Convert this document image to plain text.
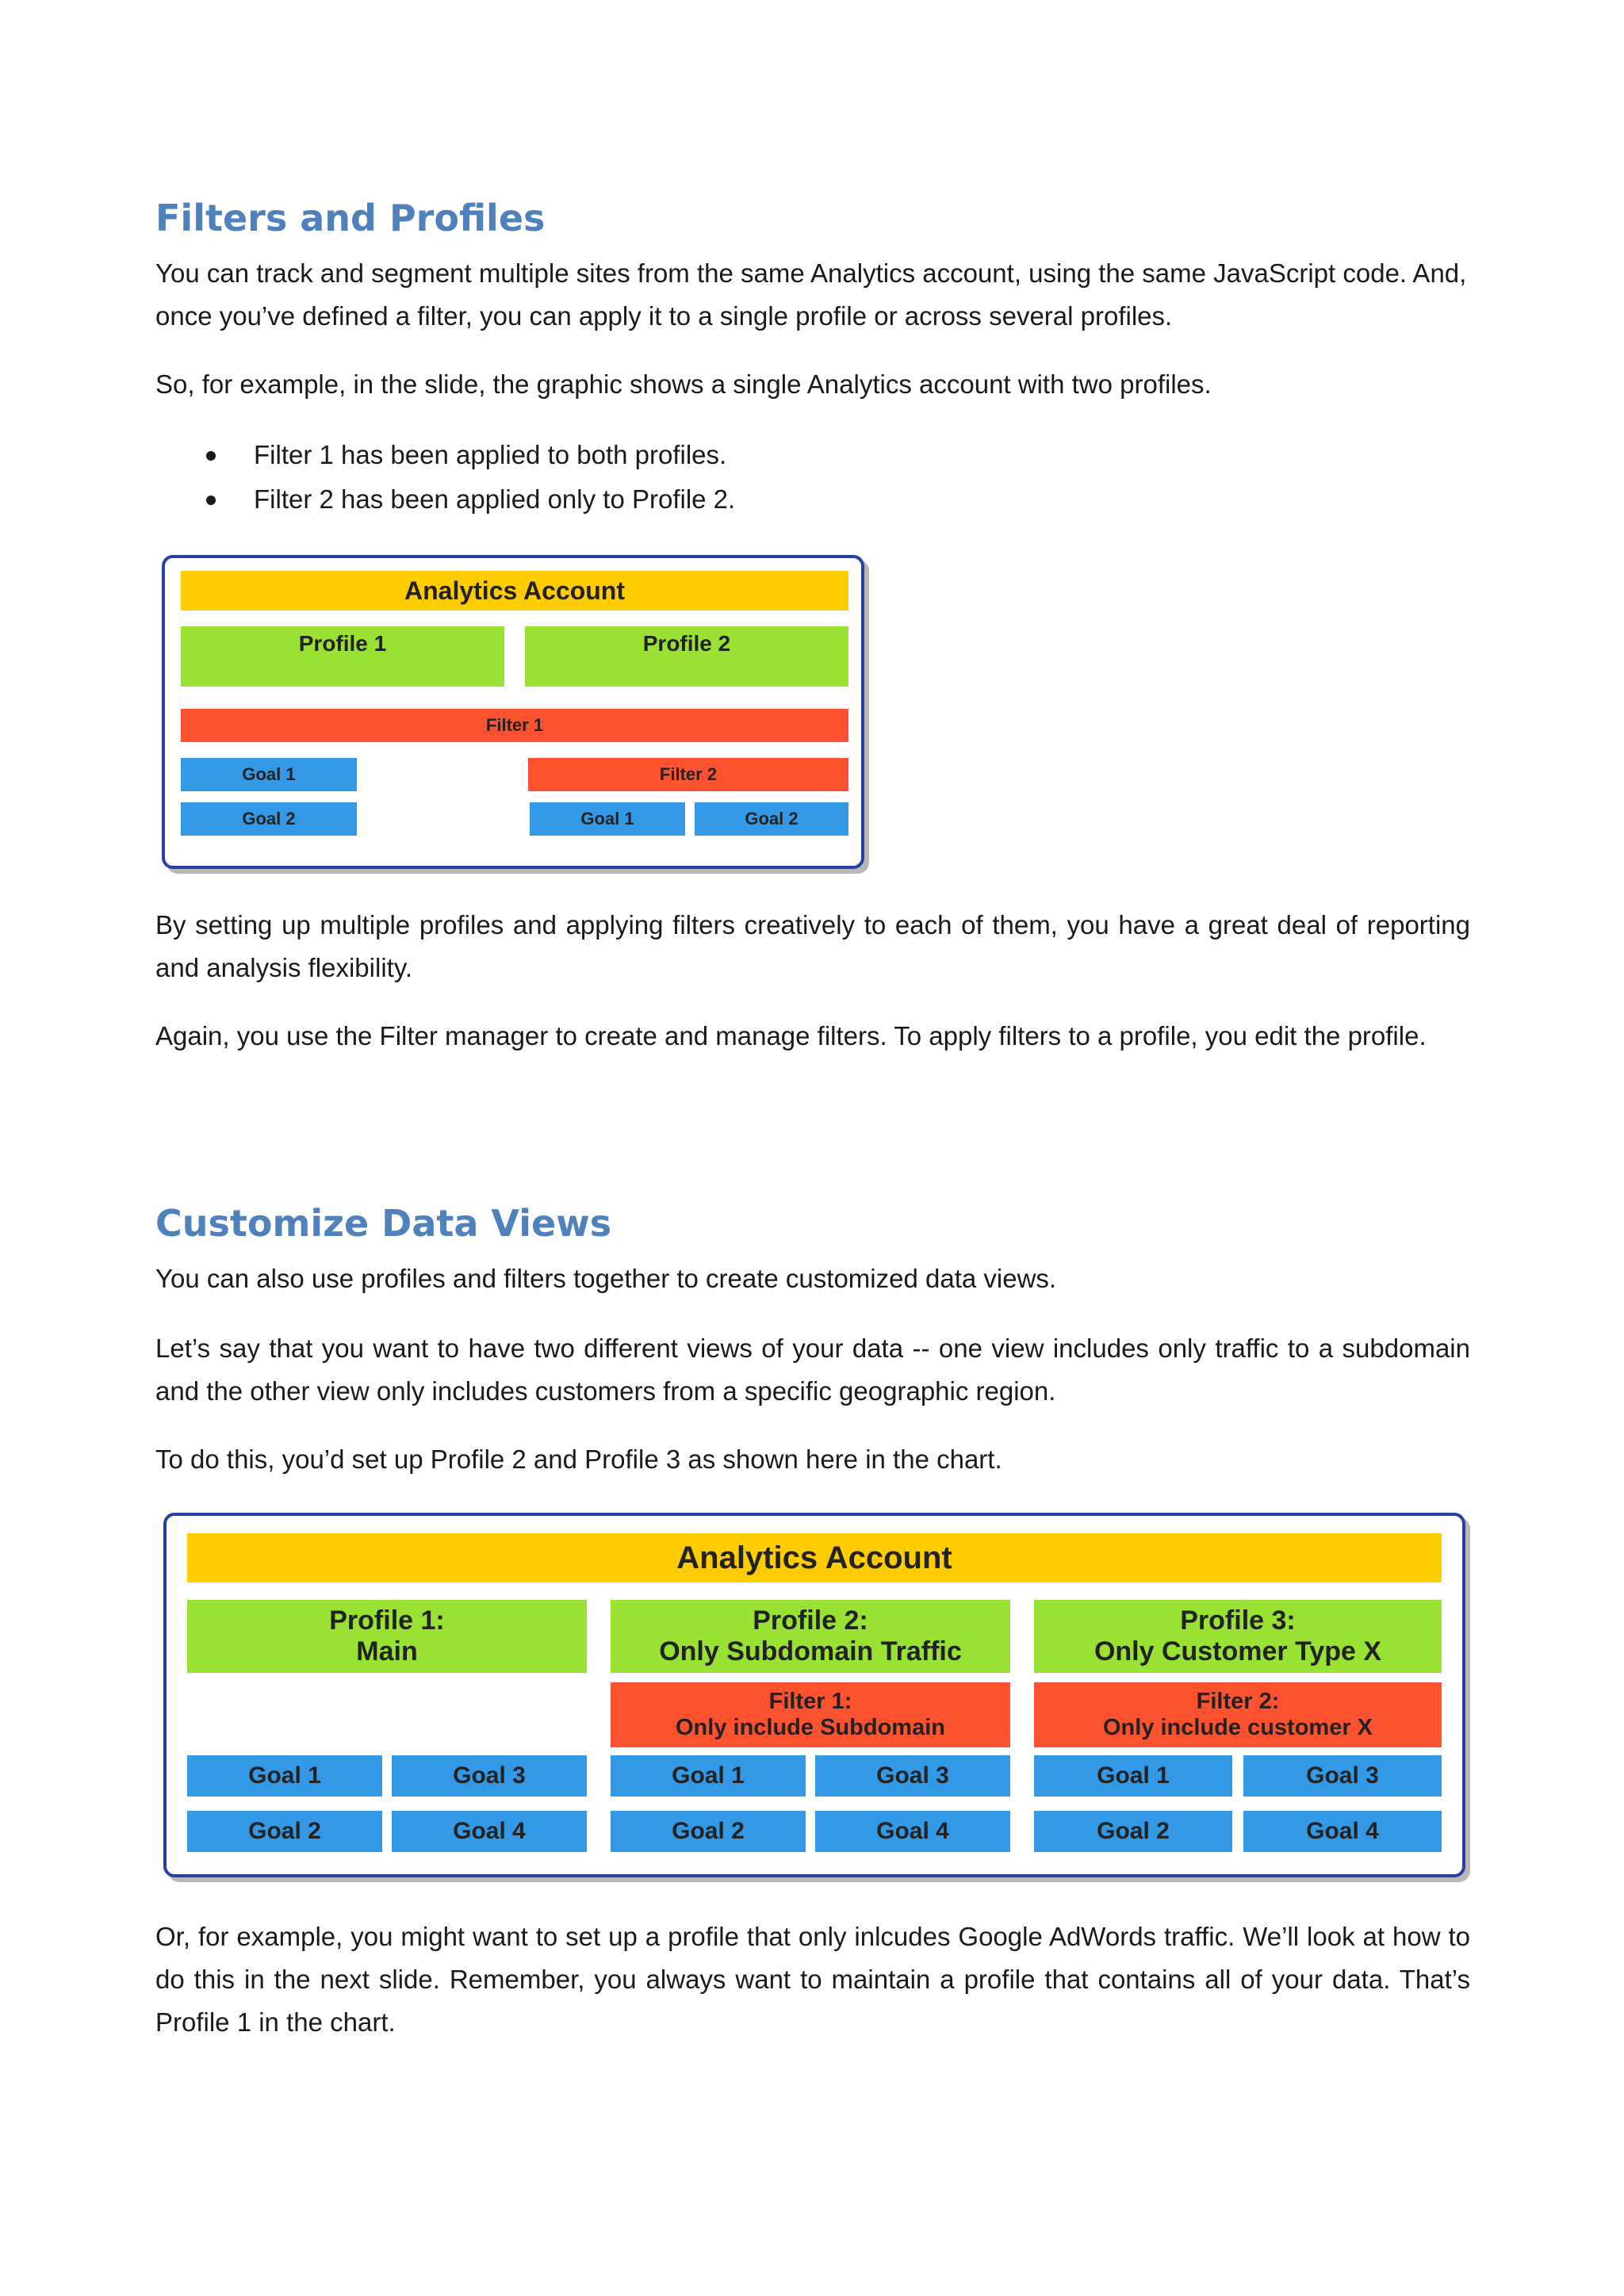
Filters and Profiles

You can track and segment multiple sites from the same Analytics account, using the same JavaScript code. And, once you’ve defined a filter, you can apply it to a single profile or across several profiles.

So, for example, in the slide, the graphic shows a single Analytics account with two profiles.

Filter 1 has been applied to both profiles.
Filter 2 has been applied only to Profile 2.

By setting up multiple profiles and applying filters creatively to each of them, you have a great deal of reporting and analysis flexibility.

Again, you use the Filter manager to create and manage filters. To apply filters to a profile, you edit the profile.

Customize Data Views

You can also use profiles and filters together to create customized data views.

Let’s say that you want to have two different views of your data -- one view includes only traffic to a subdomain and the other view only includes customers from a specific geographic region.

To do this, you’d set up Profile 2 and Profile 3 as shown here in the chart.

Or, for example, you might want to set up a profile that only inlcudes Google AdWords traffic. We’ll look at how to do this in the next slide. Remember, you always want to maintain a profile that contains all of your data. That’s Profile 1 in the chart.

Analytics Account
Profile 1	Profile 2
Filter 1
Goal 1	Filter 2
Goal 2	Goal 1	Goal 2
Analytics Account
Profile 1:
Main
Profile 2:
Only Subdomain Traffic
Profile 3:
Only Customer Type X
Filter 1:
Only include Subdomain
Filter 2:
Only include customer X
Goal 1	Goal 3
Goal 2	Goal 4
Goal 1	Goal 3
Goal 2	Goal 4
Goal 1	Goal 3
Goal 2	Goal 4
